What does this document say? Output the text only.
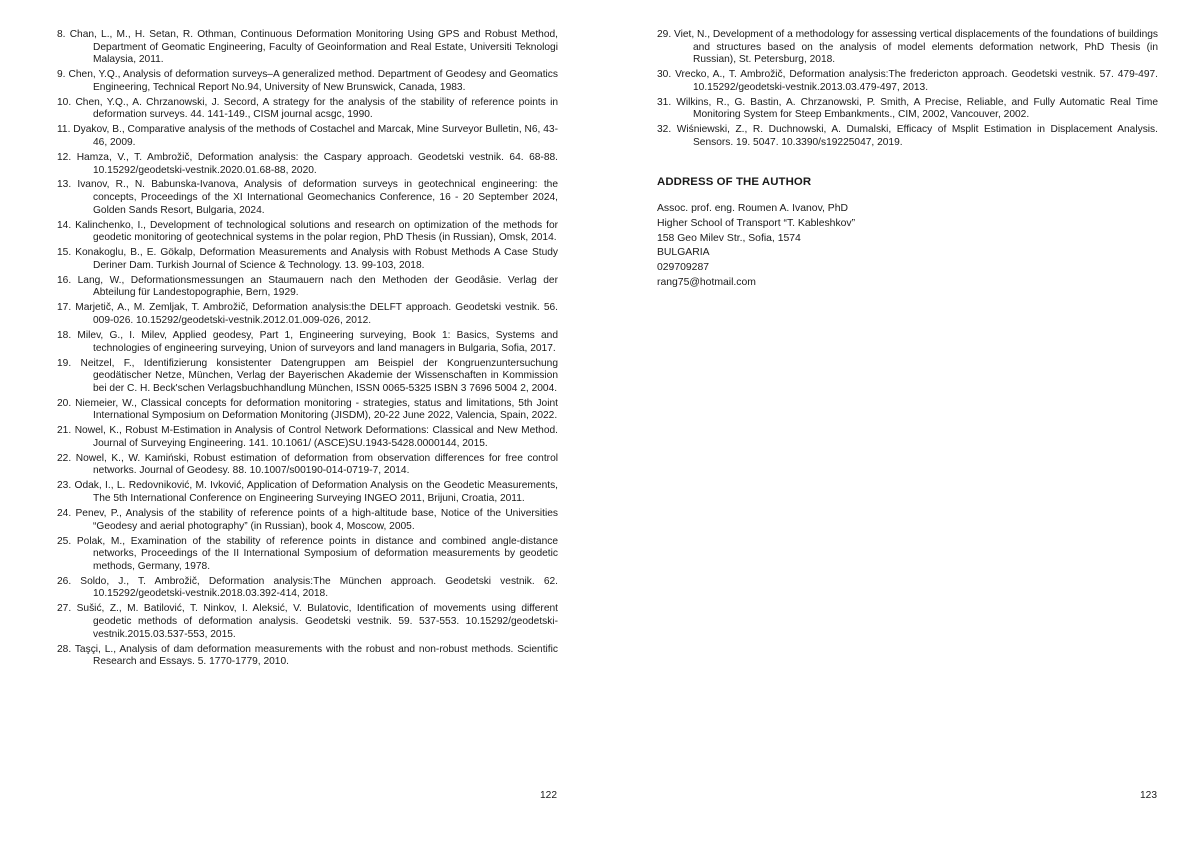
8. Chan, L., M., H. Setan, R. Othman, Continuous Deformation Monitoring Using GPS and Robust Method, Department of Geomatic Engineering, Faculty of Geoinformation and Real Estate, Universiti Teknologi Malaysia, 2011.
9. Chen, Y.Q., Analysis of deformation surveys–A generalized method. Department of Geodesy and Geomatics Engineering, Technical Report No.94, University of New Brunswick, Canada, 1983.
10. Chen, Y.Q., A. Chrzanowski, J. Secord, A strategy for the analysis of the stability of reference points in deformation surveys. 44. 141-149., CISM journal acsgc, 1990.
11. Dyakov, B., Comparative analysis of the methods of Costachel and Marcak, Mine Surveyor Bulletin, N6, 43-46, 2009.
12. Hamza, V., T. Ambrožič, Deformation analysis: the Caspary approach. Geodetski vestnik. 64. 68-88. 10.15292/geodetski-vestnik.2020.01.68-88, 2020.
13. Ivanov, R., N. Babunska-Ivanova, Analysis of deformation surveys in geotechnical engineering: the concepts, Proceedings of the XI International Geomechanics Conference, 16 - 20 September 2024, Golden Sands Resort, Bulgaria, 2024.
14. Kalinchenko, I., Development of technological solutions and research on optimization of the methods for geodetic monitoring of geotechnical systems in the polar region, PhD Thesis (in Russian), Omsk, 2014.
15. Konakoglu, B., E. Gökalp, Deformation Measurements and Analysis with Robust Methods A Case Study Deriner Dam. Turkish Journal of Science & Technology. 13. 99-103, 2018.
16. Lang, W., Deformationsmessungen an Staumauern nach den Methoden der Geodâsie. Verlag der Abteilung für Landestopographie, Bern, 1929.
17. Marjetič, A., M. Zemljak, T. Ambrožič, Deformation analysis:the DELFT approach. Geodetski vestnik. 56. 009-026. 10.15292/geodetski-vestnik.2012.01.009-026, 2012.
18. Milev, G., I. Milev, Applied geodesy, Part 1, Engineering surveying, Book 1: Basics, Systems and technologies of engineering surveying, Union of surveyors and land managers in Bulgaria, Sofia, 2017.
19. Neitzel, F., Identifizierung konsistenter Datengruppen am Beispiel der Kongruenzuntersuchung geodätischer Netze, München, Verlag der Bayerischen Akademie der Wissenschaften in Kommission bei der C. H. Beck'schen Verlagsbuchhandlung München, ISSN 0065-5325 ISBN 3 7696 5004 2, 2004.
20. Niemeier, W., Classical concepts for deformation monitoring - strategies, status and limitations, 5th Joint International Symposium on Deformation Monitoring (JISDM), 20-22 June 2022, Valencia, Spain, 2022.
21. Nowel, K., Robust M-Estimation in Analysis of Control Network Deformations: Classical and New Method. Journal of Surveying Engineering. 141. 10.1061/ (ASCE)SU.1943-5428.0000144, 2015.
22. Nowel, K., W. Kamiński, Robust estimation of deformation from observation differences for free control networks. Journal of Geodesy. 88. 10.1007/s00190-014-0719-7, 2014.
23. Odak, I., L. Redovniković, M. Ivković, Application of Deformation Analysis on the Geodetic Measurements, The 5th International Conference on Engineering Surveying INGEO 2011, Brijuni, Croatia, 2011.
24. Penev, P., Analysis of the stability of reference points of a high-altitude base, Notice of the Universities “Geodesy and aerial photography” (in Russian), book 4, Moscow, 2005.
25. Polak, M., Examination of the stability of reference points in distance and combined angle-distance networks, Proceedings of the II International Symposium of deformation measurements by geodetic methods, Germany, 1978.
26. Soldo, J., T. Ambrožič, Deformation analysis:The München approach. Geodetski vestnik. 62. 10.15292/geodetski-vestnik.2018.03.392-414, 2018.
27. Sušić, Z., M. Batilović, T. Ninkov, I. Aleksić, V. Bulatovic, Identification of movements using different geodetic methods of deformation analysis. Geodetski vestnik. 59. 537-553. 10.15292/geodetski-vestnik.2015.03.537-553, 2015.
28. Taşçi, L., Analysis of dam deformation measurements with the robust and non-robust methods. Scientific Research and Essays. 5. 1770-1779, 2010.
122
29. Viet, N., Development of a methodology for assessing vertical displacements of the foundations of buildings and structures based on the analysis of model elements deformation network, PhD Thesis (in Russian), St. Petersburg, 2018.
30. Vrecko, A., T. Ambrožič, Deformation analysis:The fredericton approach. Geodetski vestnik. 57. 479-497. 10.15292/geodetski-vestnik.2013.03.479-497, 2013.
31. Wilkins, R., G. Bastin, A. Chrzanowski, P. Smith, A Precise, Reliable, and Fully Automatic Real Time Monitoring System for Steep Embankments., CIM, 2002, Vancouver, 2002.
32. Wiśniewski, Z., R. Duchnowski, A. Dumalski, Efficacy of Msplit Estimation in Displacement Analysis. Sensors. 19. 5047. 10.3390/s19225047, 2019.
ADDRESS OF THE AUTHOR
Assoc. prof. eng. Roumen A. Ivanov, PhD
Higher School of Transport “T. Kableshkov”
158 Geo Milev Str., Sofia, 1574
BULGARIA
029709287
rang75@hotmail.com
123
